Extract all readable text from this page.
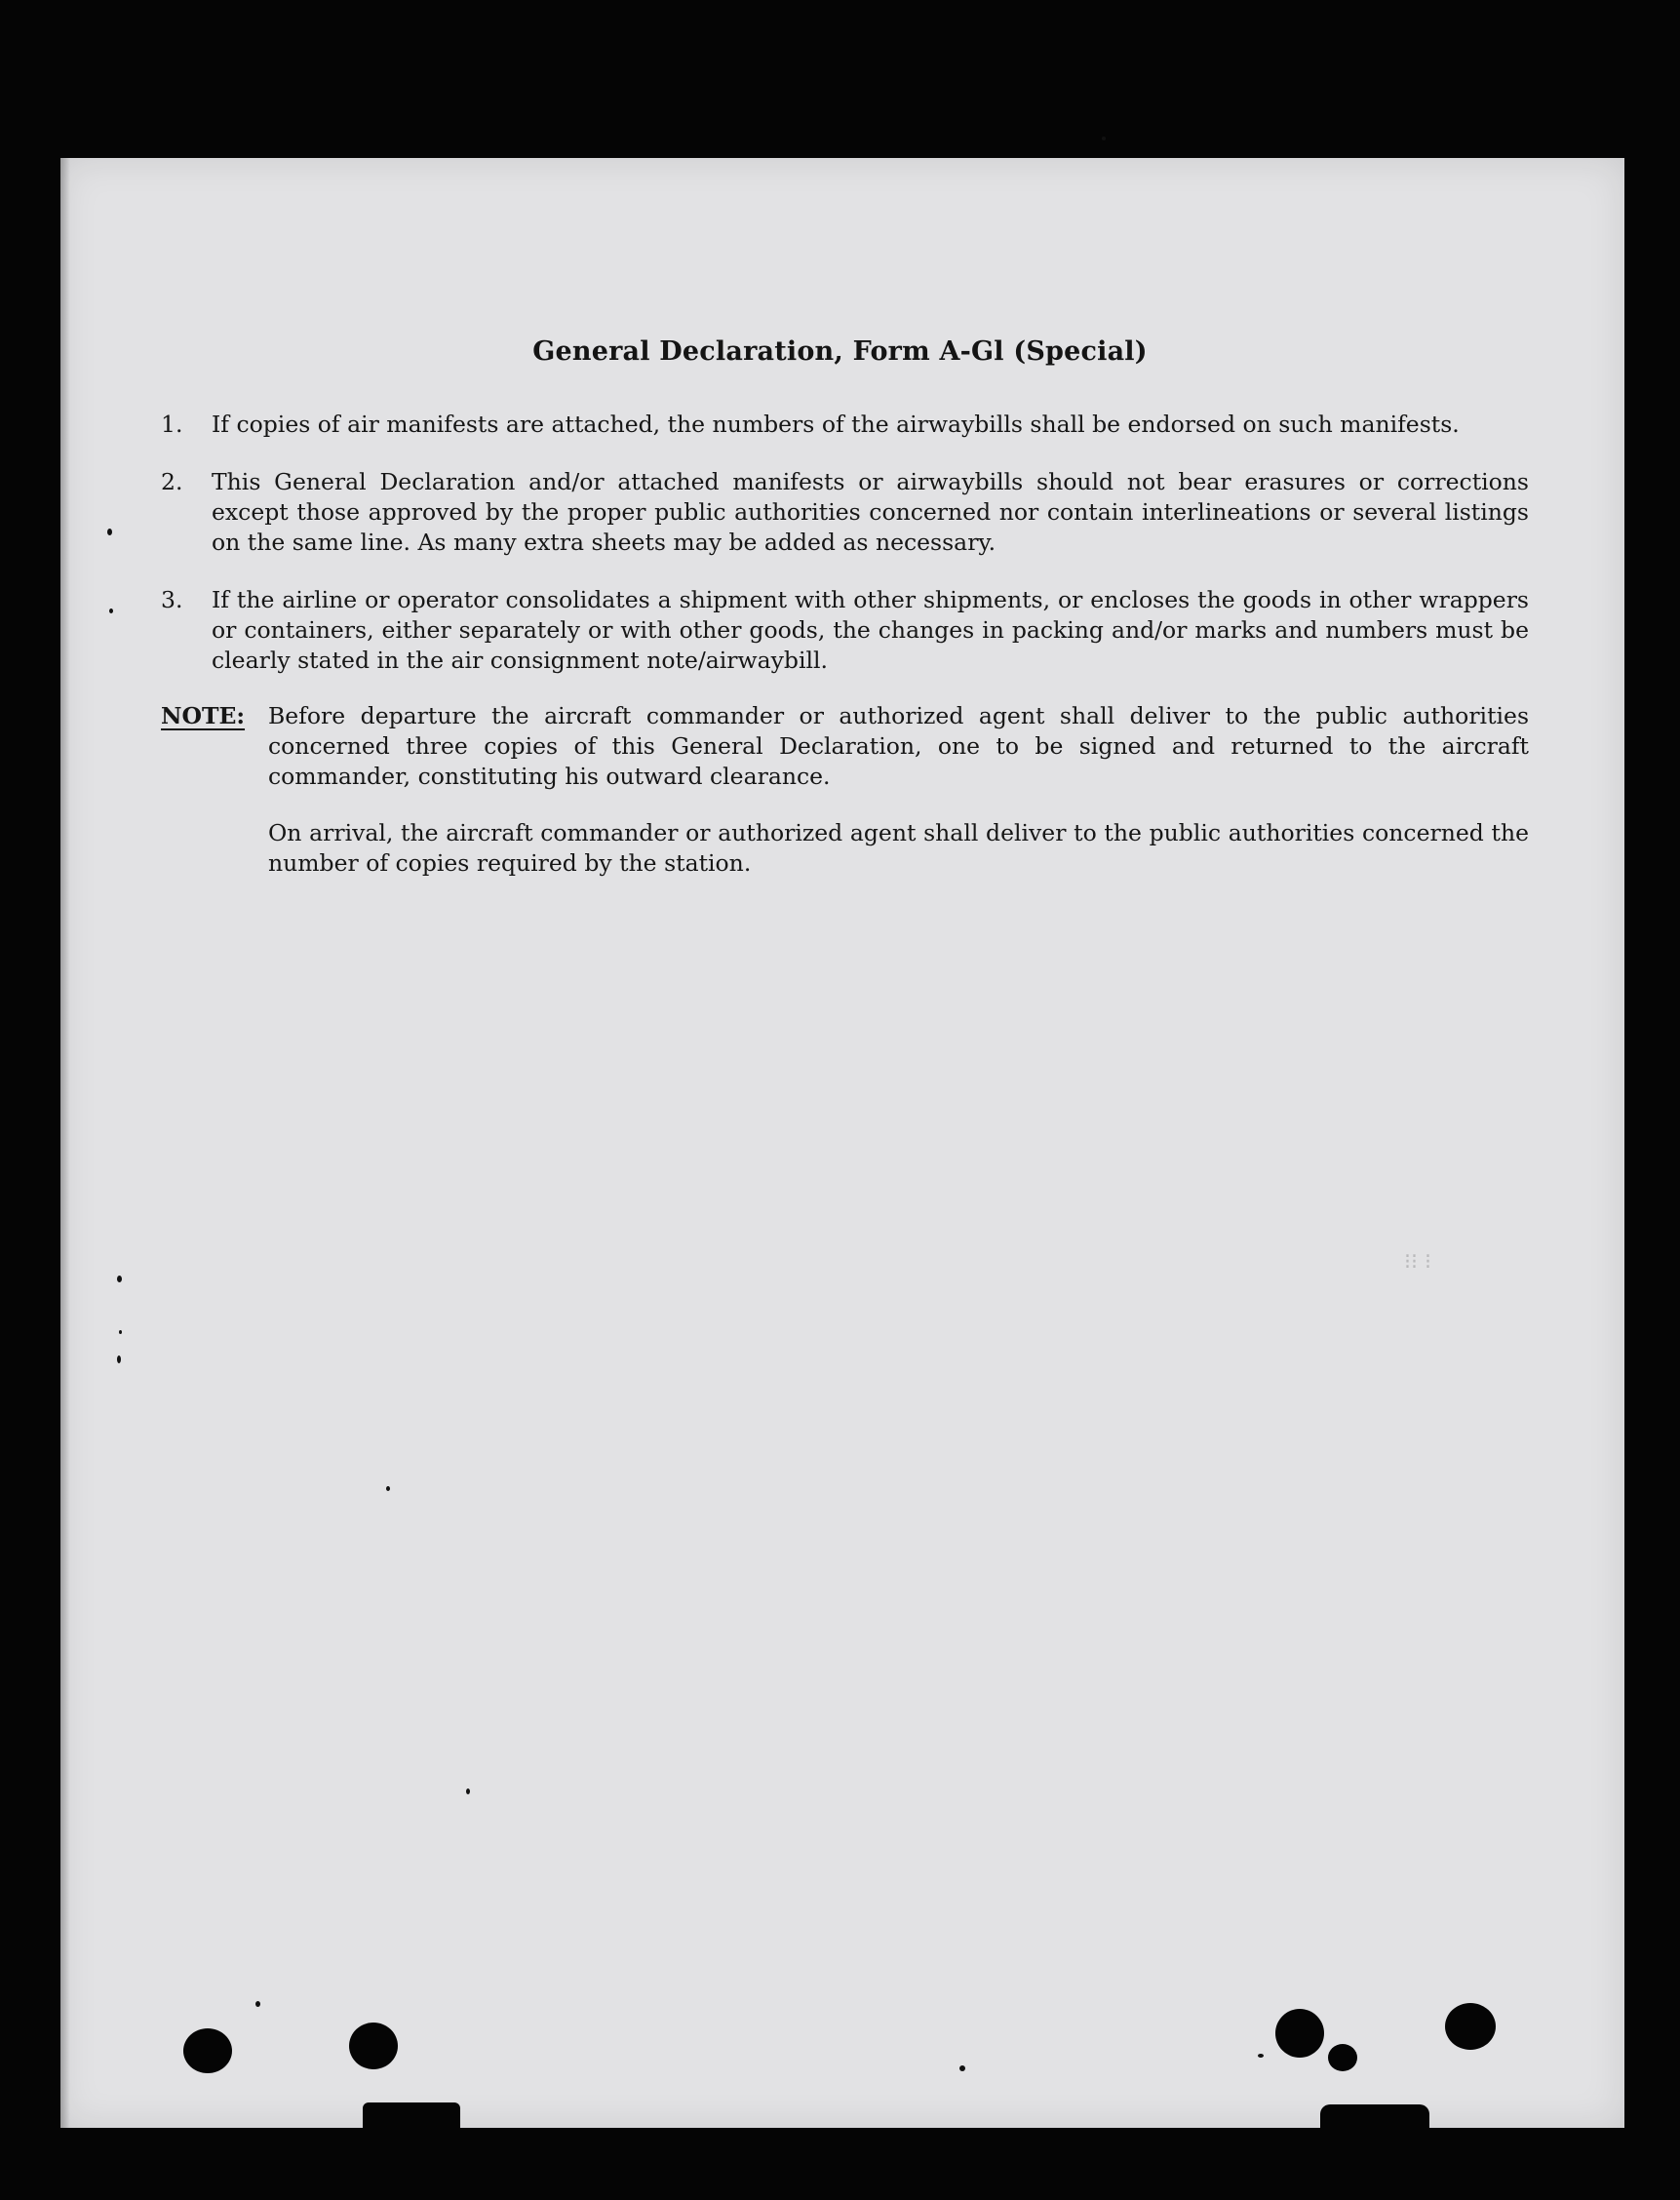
General Declaration, Form A-Gl (Special)
1.	If copies of air manifests are attached, the numbers of the airwaybills shall be endorsed on such manifests.
2.	This General Declaration and/or attached manifests or airwaybills should not bear erasures or corrections except those approved by the proper public authorities concerned nor contain interlineations or several listings on the same line. As many extra sheets may be added as necessary.
3.	If the airline or operator consolidates a shipment with other shipments, or encloses the goods in other wrappers or containers, either separately or with other goods, the changes in packing and/or marks and numbers must be clearly stated in the air consignment note/airwaybill.
NOTE: Before departure the aircraft commander or authorized agent shall deliver to the public authorities concerned three copies of this General Declaration, one to be signed and returned to the aircraft commander, constituting his outward clearance.
On arrival, the aircraft commander or authorized agent shall deliver to the public authorities concerned the number of copies required by the station.
⁝⁝ ⁝
